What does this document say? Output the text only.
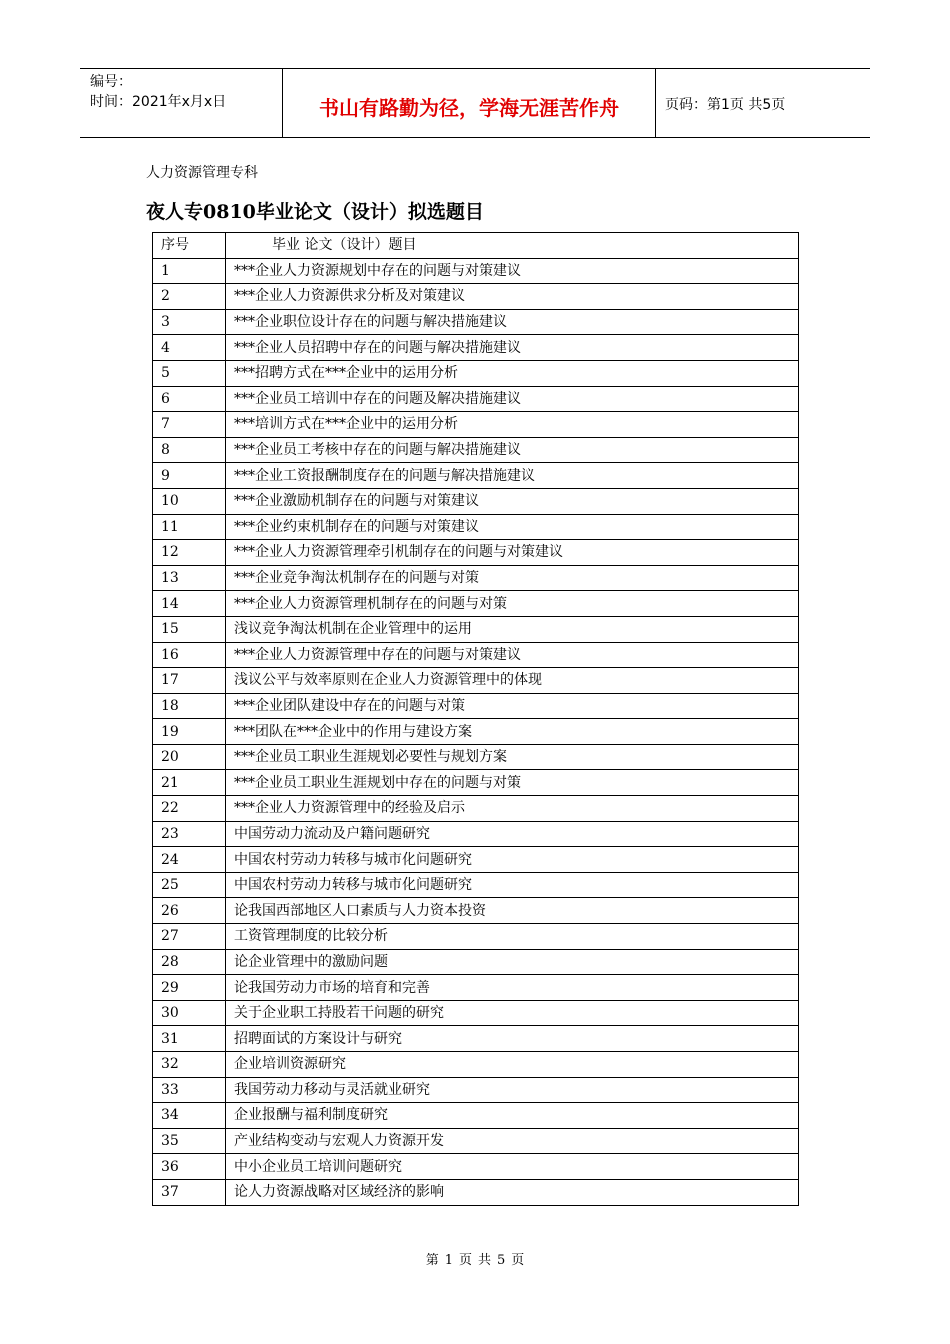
编号：
时间：2021年x月x日	书山有路勤为径，学海无涯苦作舟	页码：第1页 共5页
人力资源管理专科
夜人专0810毕业论文（设计）拟选题目
序号	毕业 论文（设计）题目
1	***企业人力资源规划中存在的问题与对策建议
2	***企业人力资源供求分析及对策建议
3	***企业职位设计存在的问题与解决措施建议
4	***企业人员招聘中存在的问题与解决措施建议
5	***招聘方式在***企业中的运用分析
6	***企业员工培训中存在的问题及解决措施建议
7	***培训方式在***企业中的运用分析
8	***企业员工考核中存在的问题与解决措施建议
9	***企业工资报酬制度存在的问题与解决措施建议
10	***企业激励机制存在的问题与对策建议
11	***企业约束机制存在的问题与对策建议
12	***企业人力资源管理牵引机制存在的问题与对策建议
13	***企业竞争淘汰机制存在的问题与对策
14	***企业人力资源管理机制存在的问题与对策
15	浅议竞争淘汰机制在企业管理中的运用
16	***企业人力资源管理中存在的问题与对策建议
17	浅议公平与效率原则在企业人力资源管理中的体现
18	***企业团队建设中存在的问题与对策
19	***团队在***企业中的作用与建设方案
20	***企业员工职业生涯规划必要性与规划方案
21	***企业员工职业生涯规划中存在的问题与对策
22	***企业人力资源管理中的经验及启示
23	中国劳动力流动及户籍问题研究
24	中国农村劳动力转移与城市化问题研究
25	中国农村劳动力转移与城市化问题研究
26	论我国西部地区人口素质与人力资本投资
27	工资管理制度的比较分析
28	论企业管理中的激励问题
29	论我国劳动力市场的培育和完善
30	关于企业职工持股若干问题的研究
31	招聘面试的方案设计与研究
32	企业培训资源研究
33	我国劳动力移动与灵活就业研究
34	企业报酬与福利制度研究
35	产业结构变动与宏观人力资源开发
36	中小企业员工培训问题研究
37	论人力资源战略对区域经济的影响
第 1 页 共 5 页
